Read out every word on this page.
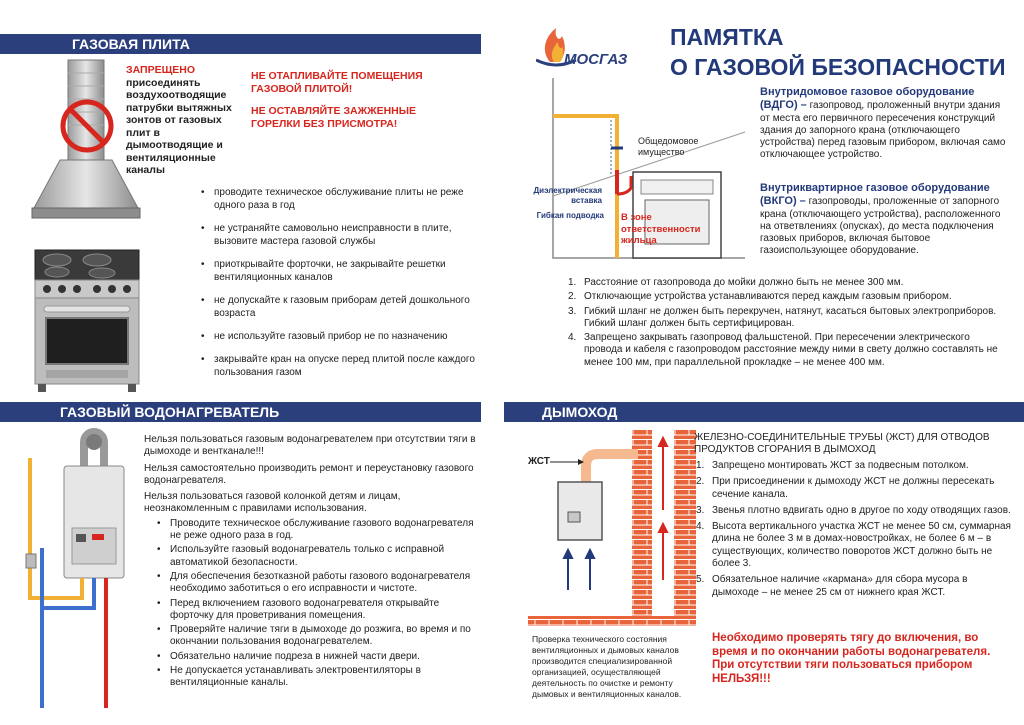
ГАЗОВАЯ ПЛИТА
ЗАПРЕЩЕНО
присоединять воздухоотводящие патрубки вытяжных зонтов от газовых плит в дымоотводящие и вентиляционные каналы
НЕ ОТАПЛИВАЙТЕ ПОМЕЩЕНИЯ ГАЗОВОЙ ПЛИТОЙ!
НЕ ОСТАВЛЯЙТЕ ЗАЖЖЕННЫЕ ГОРЕЛКИ БЕЗ ПРИСМОТРА!
• проводите техническое обслуживание плиты не реже одного раза в год
• не устраняйте самовольно неисправности в плите, вызовите мастера газовой службы
• приоткрывайте форточки, не закрывайте решетки вентиляционных каналов
• не допускайте к газовым приборам детей дошкольного возраста
• не используйте газовый прибор не по назначению
• закрывайте кран на опуске перед плитой после каждого пользования газом
МОСГАЗ
ПАМЯТКА
О ГАЗОВОЙ БЕЗОПАСНОСТИ
Общедомовое имущество
Диэлектрическая вставка
Гибкая подводка В зоне ответственности жильца
Внутридомовое газовое оборудование (ВДГО) – газопровод, проложенный внутри здания от места его первичного пересечения конструкций здания до запорного крана (отключающего устройства) перед газовым прибором, включая само отключающее устройство.
Внутриквартирное газовое оборудование (ВКГО) – газопроводы, проложенные от запорного крана (отключающего устройства), расположенного на ответвлениях (опусках), до места подключения газовых приборов, включая бытовое газоиспользующее оборудование.
1. Расстояние от газопровода до мойки должно быть не менее 300 мм.
2. Отключающие устройства устанавливаются перед каждым газовым прибором.
3. Гибкий шланг не должен быть перекручен, натянут, касаться бытовых электроприборов. Гибкий шланг должен быть сертифицирован.
4. Запрещено закрывать газопровод фальшстеной. При пересечении электрического провода и кабеля с газопроводом расстояние между ними в свету должно составлять не менее 100 мм, при параллельной прокладке – не менее 400 мм.
ГАЗОВЫЙ ВОДОНАГРЕВАТЕЛЬ	ДЫМОХОД

Нельзя пользоваться газовым водонагревателем при отсутствии тяги в дымоходе и вентканале!!!

Нельзя самостоятельно производить ремонт и переустановку газового водонагревателя.

Нельзя пользоваться газовой колонкой детям и лицам, неознакомленным с правилами использования.

• Проводите техническое обслуживание газового водонагревателя не реже одного раза в год.
• Используйте газовый водонагреватель только с исправной автоматикой безопасности.
• Для обеспечения безотказной работы газового водонагревателя необходимо заботиться о его исправности и чистоте.
• Перед включением газового водонагревателя открывайте форточку для проветривания помещения.
• Проверяйте наличие тяги в дымоходе до розжига, во время и по окончании пользования водонагревателем.
• Обязательно наличие подреза в нижней части двери.
• Не допускается устанавливать электровентиляторы в вентиляционные каналы.
ЖСТ
Проверка технического состояния вентиляционных и дымовых каналов производится специализированной организацией, осуществляющей деятельность по очистке и ремонту дымовых и вентиляционных каналов.
ЖЕЛЕЗНО-СОЕДИНИТЕЛЬНЫЕ ТРУБЫ (ЖСТ) ДЛЯ ОТВОДОВ ПРОДУКТОВ СГОРАНИЯ В ДЫМОХОД
1. Запрещено монтировать ЖСТ за подвесным потолком.
2. При присоединении к дымоходу ЖСТ не должны пересекать сечение канала.
3. Звенья плотно вдвигать одно в другое по ходу отводящих газов.
4. Высота вертикального участка ЖСТ не менее 50 см, суммарная длина не более 3 м в домах-новостройках, не более 6 м – в существующих, количество поворотов ЖСТ должно быть не более 3.
5. Обязательное наличие «кармана» для сбора мусора в дымоходе – не менее 25 см от нижнего края ЖСТ.
Необходимо проверять тягу до включения, во время и по окончании работы водонагревателя. При отсутствии тяги пользоваться прибором НЕЛЬЗЯ!!!
